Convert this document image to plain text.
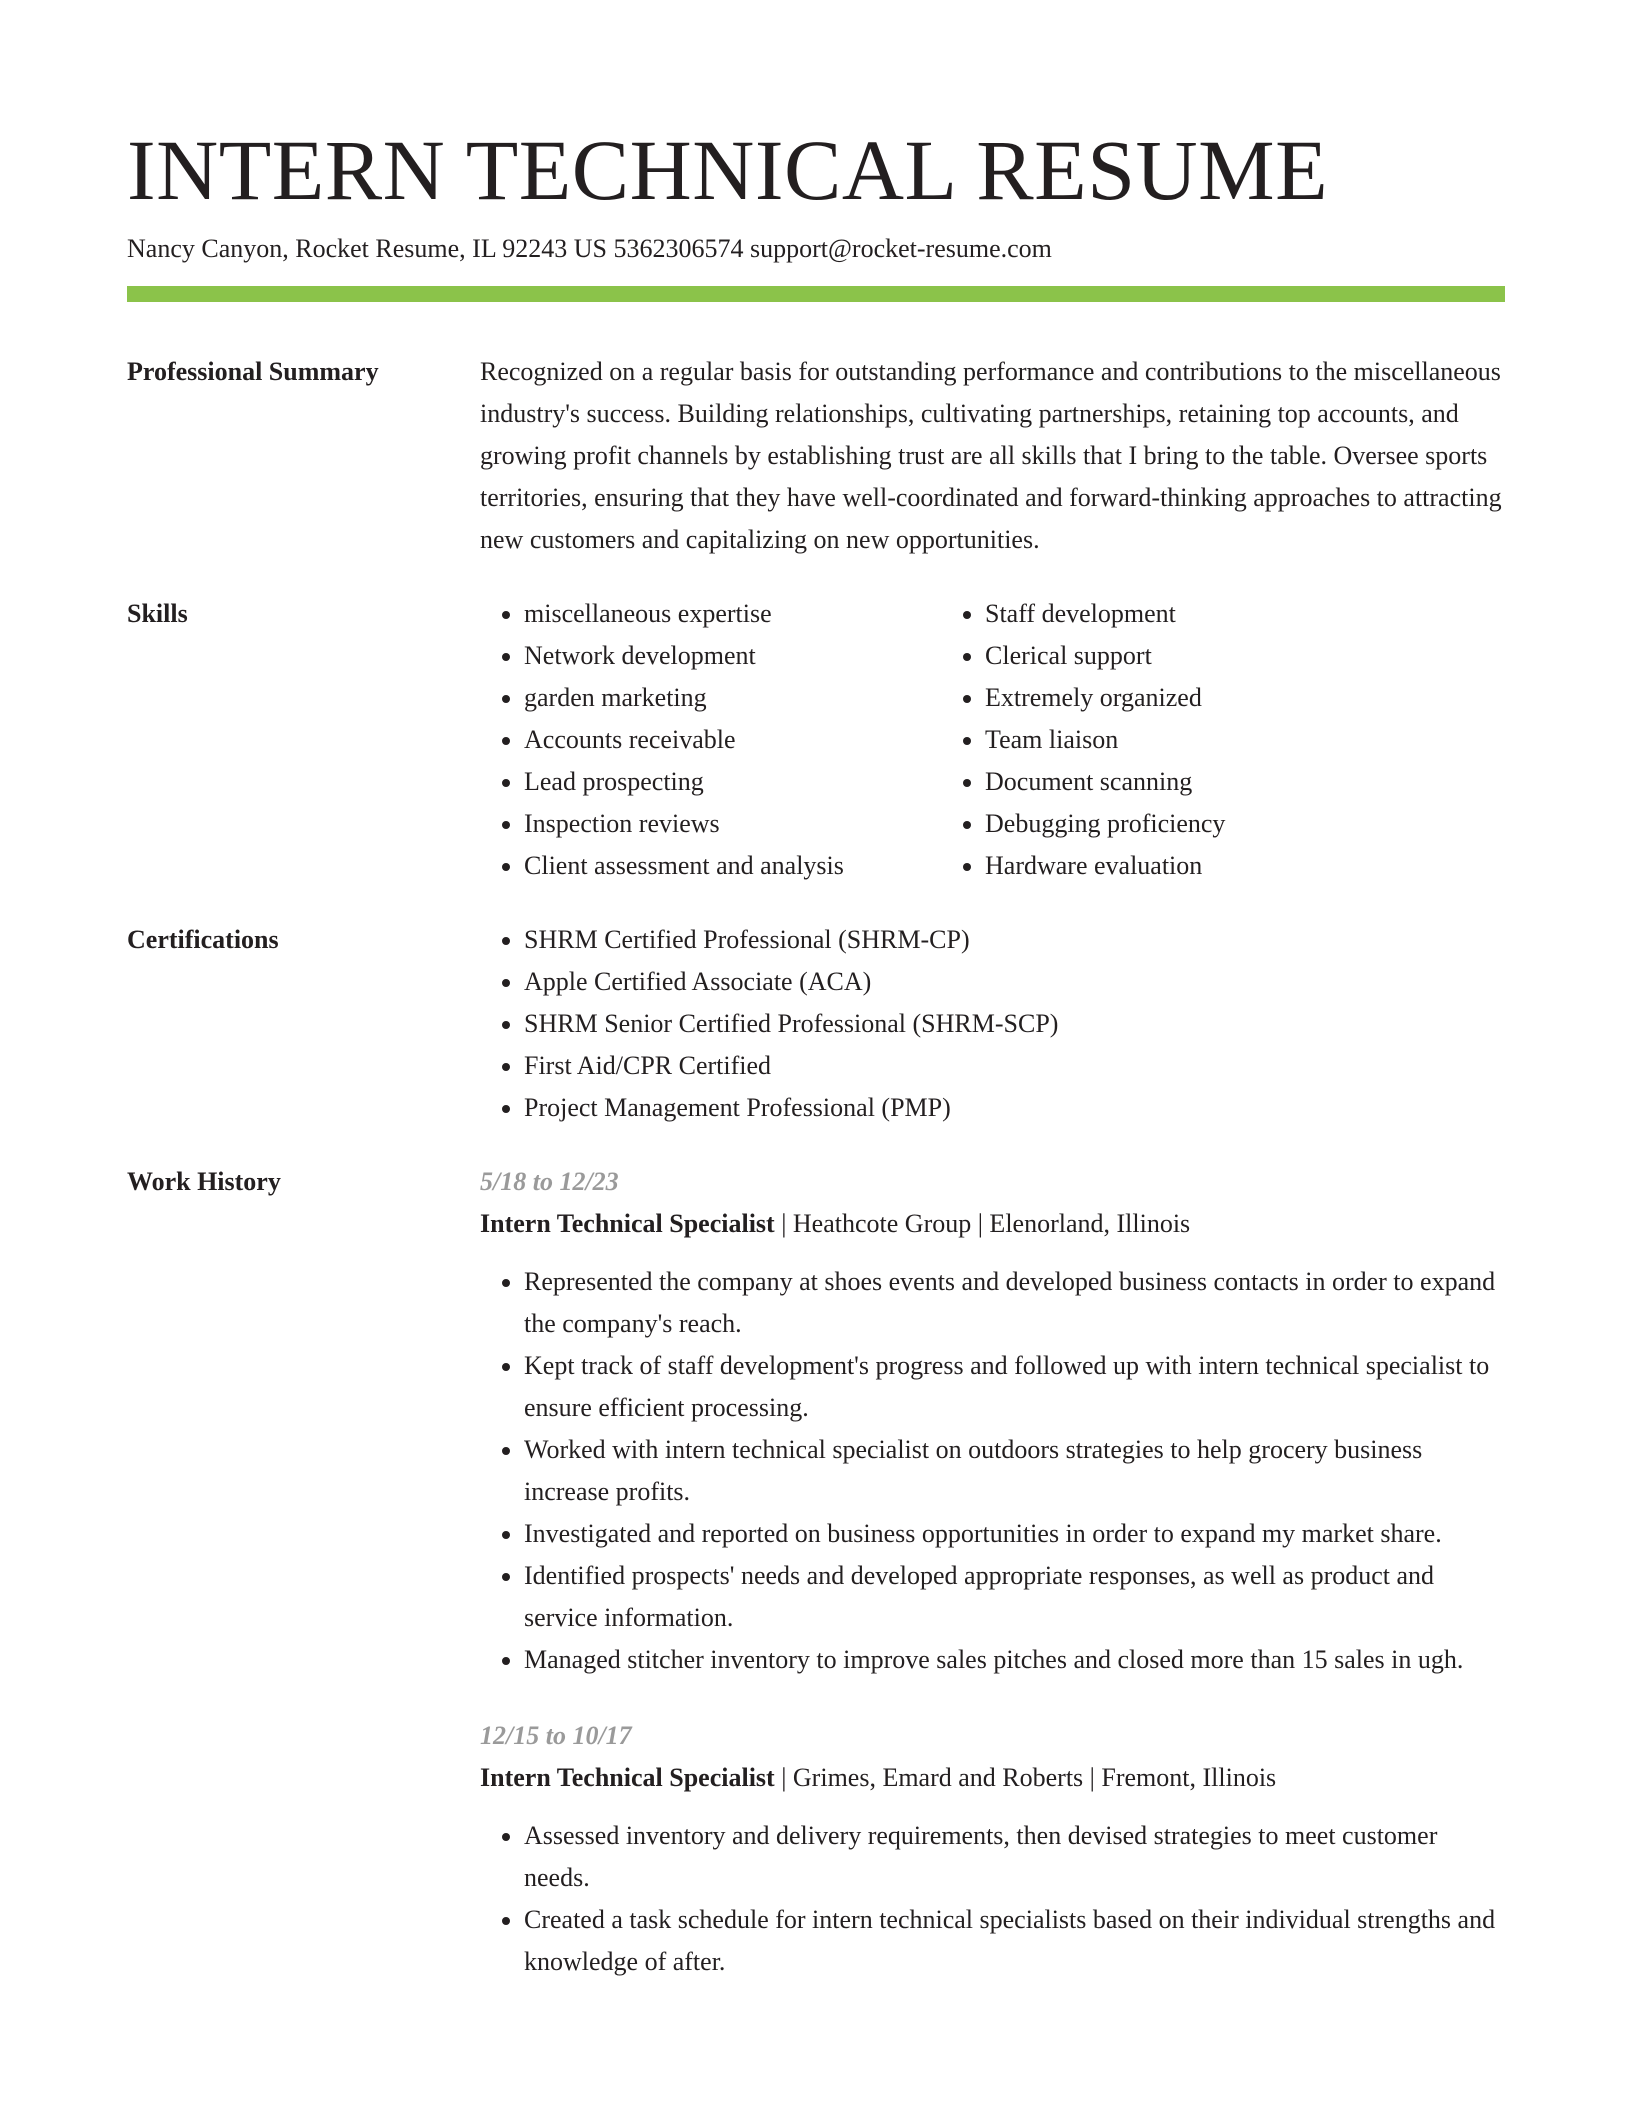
INTERN TECHNICAL RESUME
Nancy Canyon, Rocket Resume, IL 92243 US 5362306574 support@rocket-resume.com
Professional Summary	Recognized on a regular basis for outstanding performance and contributions to the miscellaneous industry's success. Building relationships, cultivating partnerships, retaining top accounts, and growing profit channels by establishing trust are all skills that I bring to the table. Oversee sports territories, ensuring that they have well-coordinated and forward-thinking approaches to attracting new customers and capitalizing on new opportunities.
Skills	• miscellaneous expertise
• Network development
• garden marketing
• Accounts receivable
• Lead prospecting
• Inspection reviews
• Client assessment and analysis
• Staff development
• Clerical support
• Extremely organized
• Team liaison
• Document scanning
• Debugging proficiency
• Hardware evaluation
Certifications	• SHRM Certified Professional (SHRM-CP)
• Apple Certified Associate (ACA)
• SHRM Senior Certified Professional (SHRM-SCP)
• First Aid/CPR Certified
• Project Management Professional (PMP)
Work History	5/18 to 12/23
Intern Technical Specialist | Heathcote Group | Elenorland, Illinois
• Represented the company at shoes events and developed business contacts in order to expand the company's reach.
• Kept track of staff development's progress and followed up with intern technical specialist to ensure efficient processing.
• Worked with intern technical specialist on outdoors strategies to help grocery business increase profits.
• Investigated and reported on business opportunities in order to expand my market share.
• Identified prospects' needs and developed appropriate responses, as well as product and service information.
• Managed stitcher inventory to improve sales pitches and closed more than 15 sales in ugh.
12/15 to 10/17
Intern Technical Specialist | Grimes, Emard and Roberts | Fremont, Illinois
• Assessed inventory and delivery requirements, then devised strategies to meet customer needs.
• Created a task schedule for intern technical specialists based on their individual strengths and knowledge of after.
